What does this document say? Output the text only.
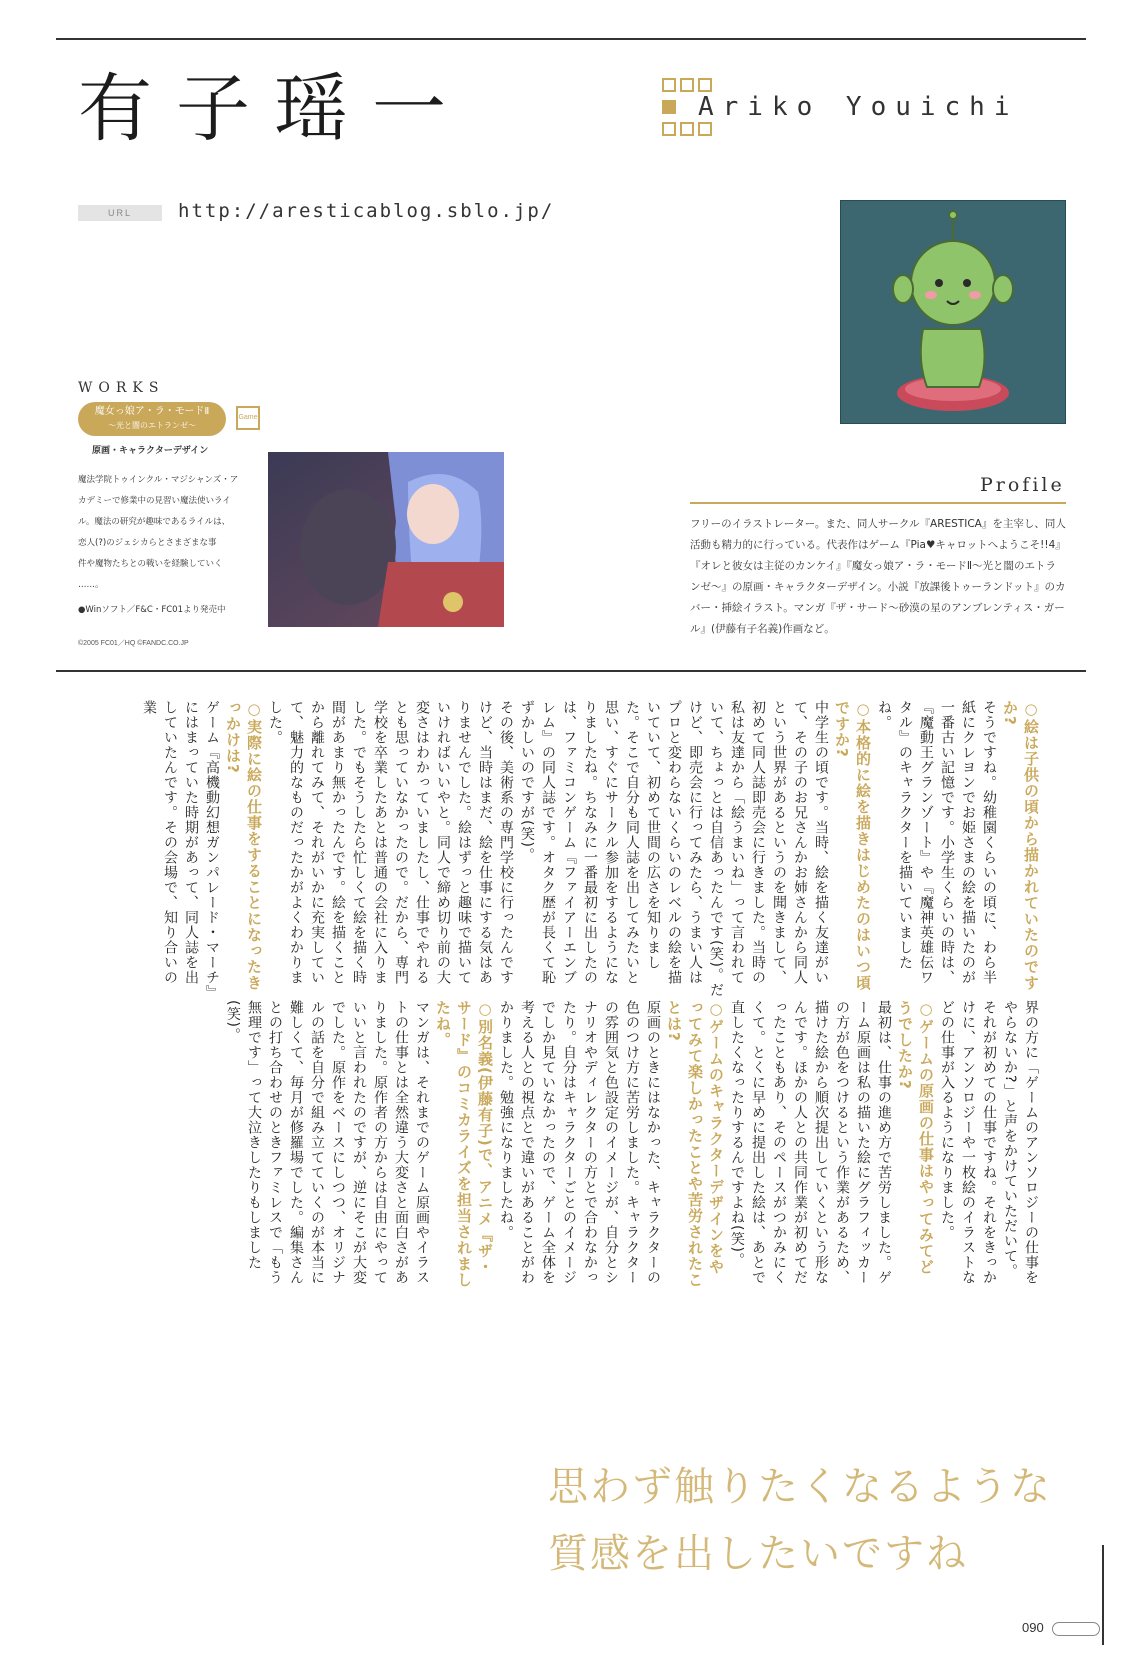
有子瑶一	Ariko Youichi
URL	http://aresticablog.sblo.jp/
WORKS
魔女っ娘ア・ラ・モードⅡ
〜光と闇のエトランゼ〜
Game
原画・キャラクターデザイン

魔法学院トゥインクル・マジシャンズ・ア

カデミーで修業中の見習い魔法使いライ

ル。魔法の研究が趣味であるライルは、

恋人(?)のジェシカらとさまざまな事

件や魔物たちとの戦いを経験していく

……。

●Winソフト／F&C・FC01より発売中

©2005 FC01／HQ ©FANDC.CO.JP
Profile
フリーのイラストレーター。また、同人サークル『ARESTICA』を主宰し、同人活動も精力的に行っている。代表作はゲーム『Pia♥キャロットへようこそ!!4』『オレと彼女は主従のカンケイ』『魔女っ娘ア・ラ・モードⅡ〜光と闇のエトランゼ〜』の原画・キャラクターデザイン。小説『放課後トゥーランドット』のカバー・挿絵イラスト。マンガ『ザ・サード〜砂漠の星のアンブレンティス・ガール』(伊藤有子名義)作画など。

○絵は子供の頃から描かれていたのですか?

そうですね。幼稚園くらいの頃に、わら半紙にクレヨンでお姫さまの絵を描いたのが一番古い記憶です。小学生くらいの時は、『魔動王グランゾート』や『魔神英雄伝ワタル』のキャラクターを描いていましたね。

○本格的に絵を描きはじめたのはいつ頃ですか?

中学生の頃です。当時、絵を描く友達がいて、その子のお兄さんかお姉さんから同人という世界があるというのを聞きまして、初めて同人誌即売会に行きました。当時の私は友達から「絵うまいね」って言われていて、ちょっとは自信あったんです(笑)。だけど、即売会に行ってみたら、うまい人はプロと変わらないくらいのレベルの絵を描いていて、初めて世間の広さを知りました。そこで自分も同人誌を出してみたいと思い、すぐにサークル参加をするようになりましたね。ちなみに一番最初に出したのは、ファミコンゲーム『ファイアーエンブレム』の同人誌です。オタク歴が長くて恥ずかしいのですが(笑)。

その後、美術系の専門学校に行ったんですけど、当時はまだ、絵を仕事にする気はありませんでした。絵はずっと趣味で描いていければいいやと。同人で締め切り前の大変さはわかっていましたし、仕事でやれるとも思っていなかったので。だから、専門学校を卒業したあとは普通の会社に入りました。でもそうしたら忙しくて絵を描く時間があまり無かったんです。絵を描くことから離れてみて、それがいかに充実していて、魅力的なものだったかがよくわかりました。

○実際に絵の仕事をすることになったきっかけは?

ゲーム『高機動幻想ガンパレード・マーチ』にはまっていた時期があって、同人誌を出していたんです。その会場で、知り合いの業

界の方に「ゲームのアンソロジーの仕事をやらないか?」と声をかけていただいて。それが初めての仕事ですね。それをきっかけに、アンソロジーや一枚絵のイラストなどの仕事が入るようになりました。

○ゲームの原画の仕事はやってみてどうでしたか?

最初は、仕事の進め方で苦労しました。ゲーム原画は私の描いた絵にグラフィッカーの方が色をつけるという作業があるため、描けた絵から順次提出していくという形なんです。ほかの人との共同作業が初めてだったこともあり、そのペースがつかみにくくて。とくに早めに提出した絵は、あとで直したくなったりするんですよね(笑)。

○ゲームのキャラクターデザインをやってみて楽しかったことや苦労されたことは?

原画のときにはなかった、キャラクターの色のつけ方に苦労しました。キャラクターの雰囲気と色設定のイメージが、自分とシナリオやディレクターの方とで合わなかったり。自分はキャラクターごとのイメージでしか見ていなかったので、ゲーム全体を考える人との視点とで違いがあることがわかりました。勉強になりましたね。

○別名義(伊藤有子)で、アニメ『ザ・サード』のコミカライズを担当されましたね。

マンガは、それまでのゲーム原画やイラストの仕事とは全然違う大変さと面白さがありました。原作者の方からは自由にやっていいと言われたのですが、逆にそこが大変でした。原作をベースにしつつ、オリジナルの話を自分で組み立てていくのが本当に難しくて、毎月が修羅場でした。編集さんとの打ち合わせのときファミレスで「もう無理です」って大泣きしたりもしました(笑)。

思わず触りたくなるような
質感を出したいですね
090
